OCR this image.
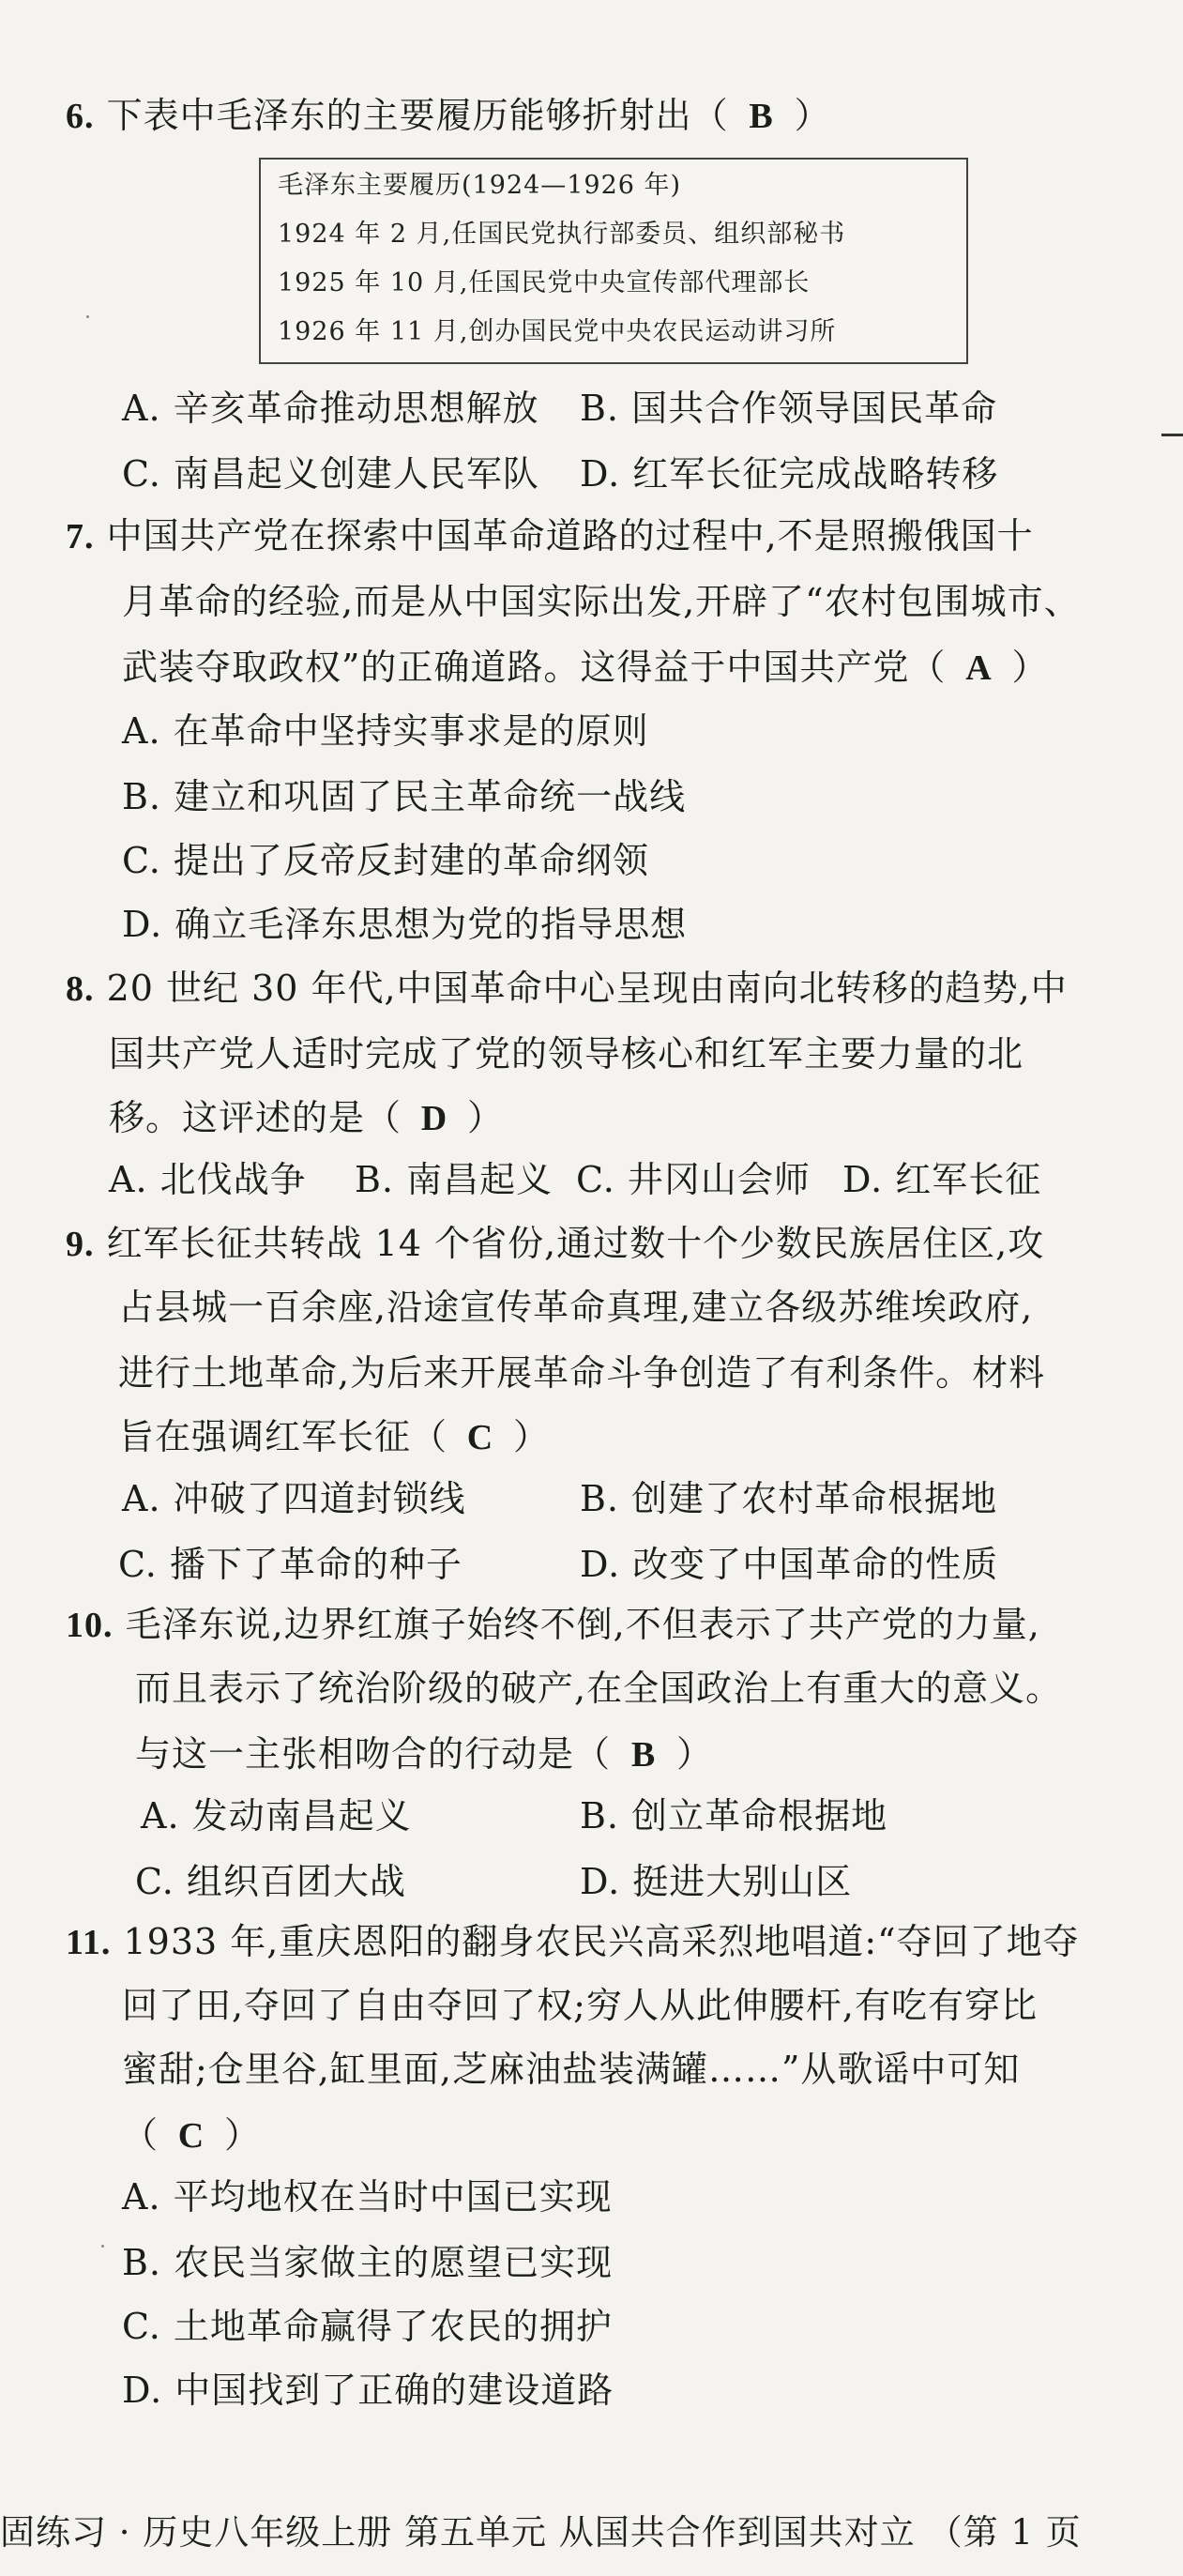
6. 下表中毛泽东的主要履历能够折射出（ B ）
毛泽东主要履历(1924—1926 年)
1924 年 2 月,任国民党执行部委员、组织部秘书
1925 年 10 月,任国民党中央宣传部代理部长
1926 年 11 月,创办国民党中央农民运动讲习所
A. 辛亥革命推动思想解放 B. 国共合作领导国民革命
C. 南昌起义创建人民军队 D. 红军长征完成战略转移
7. 中国共产党在探索中国革命道路的过程中,不是照搬俄国十
月革命的经验,而是从中国实际出发,开辟了“农村包围城市、
武装夺取政权”的正确道路。这得益于中国共产党（ A ）
A. 在革命中坚持实事求是的原则
B. 建立和巩固了民主革命统一战线
C. 提出了反帝反封建的革命纲领
D. 确立毛泽东思想为党的指导思想
8. 20 世纪 30 年代,中国革命中心呈现由南向北转移的趋势,中
国共产党人适时完成了党的领导核心和红军主要力量的北
移。这评述的是（ D ）
A. 北伐战争 B. 南昌起义 C. 井冈山会师 D. 红军长征
9. 红军长征共转战 14 个省份,通过数十个少数民族居住区,攻
占县城一百余座,沿途宣传革命真理,建立各级苏维埃政府,
进行土地革命,为后来开展革命斗争创造了有利条件。材料
旨在强调红军长征（ C ）
A. 冲破了四道封锁线	B. 创建了农村革命根据地
C. 播下了革命的种子	D. 改变了中国革命的性质
10. 毛泽东说,边界红旗子始终不倒,不但表示了共产党的力量,
而且表示了统治阶级的破产,在全国政治上有重大的意义。
与这一主张相吻合的行动是（ B ）
A. 发动南昌起义	B. 创立革命根据地
C. 组织百团大战	D. 挺进大别山区
11. 1933 年,重庆恩阳的翻身农民兴高采烈地唱道:“夺回了地夺
回了田,夺回了自由夺回了权;穷人从此伸腰杆,有吃有穿比
蜜甜;仓里谷,缸里面,芝麻油盐装满罐……”从歌谣中可知
（ C ）
A. 平均地权在当时中国已实现
B. 农民当家做主的愿望已实现
C. 土地革命赢得了农民的拥护
D. 中国找到了正确的建设道路
固练习 · 历史八年级上册 第五单元 从国共合作到国共对立 （第 1 页
